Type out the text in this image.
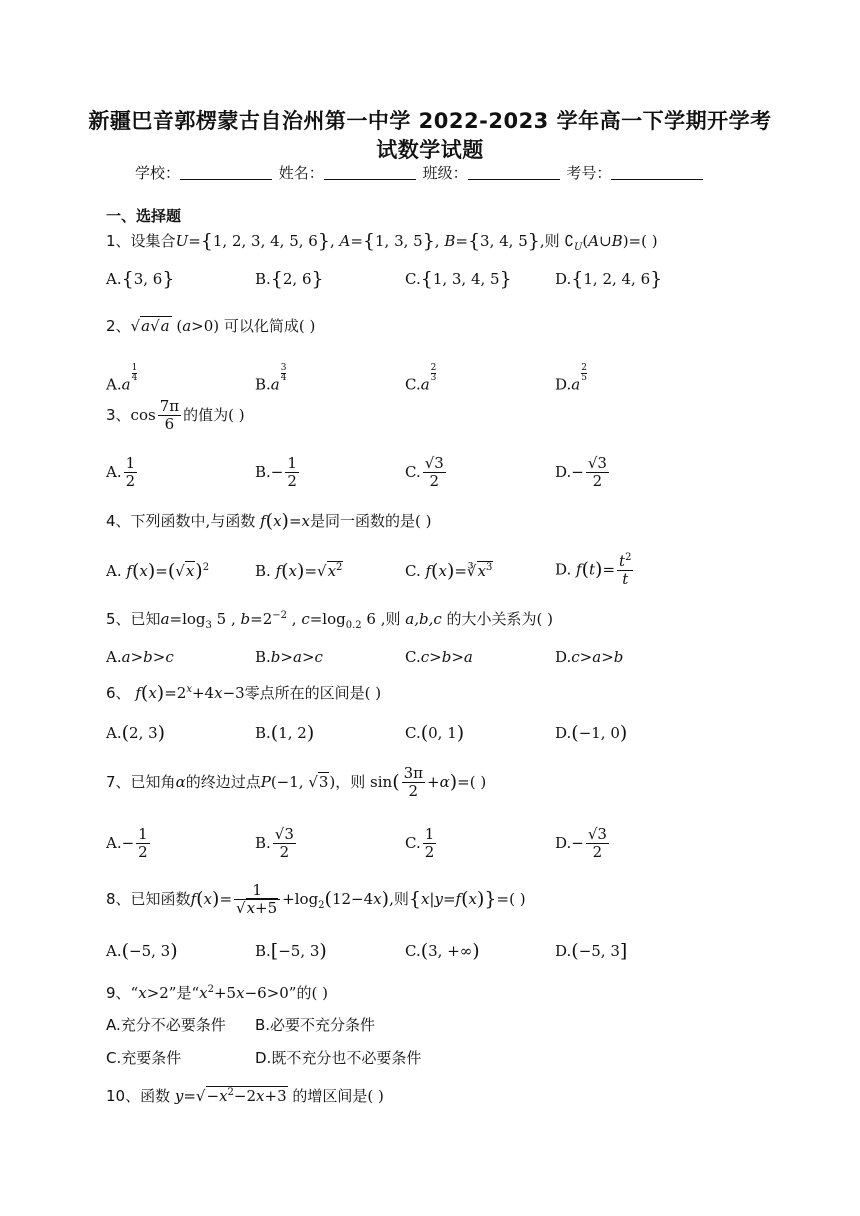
新疆巴音郭楞蒙古自治州第一中学 2022-2023 学年高一下学期开学考
试数学试题
学校：	姓名：	班级：	考号：
一、选择题
1、设集合U={1, 2, 3, 4, 5, 6}, A={1, 3, 5}, B={3, 4, 5},则 $∁_U(A\cup B)=$( )
A.{3, 6}	B.{2, 6}	C.{1, 3, 4, 5}	D.{1, 2, 4, 6}
2、√a√a (a>0) 可以化简成( )
A.a
$\frac{1}{4}$
B.a
$\frac{3}{4}$
C.a
$\frac{2}{3}$
D.a
$\frac{2}{5}$
3、$\cos \frac{7\pi}{6}$ 的值为( )
A. $\frac{1}{2}$	$B.- \frac{1}{2}$	C. $\frac{√3}{2}$	$D.- \frac{√3}{2}$
4、下列函数中,与函数 f(x)=x是同一函数的是( )
A. $f(x)=(√x)^2$	B. $f(x)=√x^2$	C. $f(x)=∛x^3$	D. $f(t)= \frac{t^2}{t}$
5、已知$a=\log_3$ 5 , $b=2^{-2}$ , $c=\log_{0.2}$ 6 ,则 a,b,c 的大小关系为( )
A.a>b>c	B.b>a>c	C.c>b>a	D.c>a>b
6、 $f(x)=2^x+4x-3$零点所在的区间是( )
A.(2, 3)	B.(1, 2)	C.(0, 1)	D.(−1, 0)
7、已知角α的终边过点P(−1, √3)，则 $\sin( \frac{3\pi}{2} +\alpha)=$( )
$A.- \frac{1}{2}$	B. $\frac{√3}{2}$	C. $\frac{1}{2}$	$D.- \frac{√3}{2}$
8、已知函数$f(x)= \frac{1}{√x+5} +\log_2(12-4x)$,则{x|y=f(x)}=( )
A.(−5, 3)	B.[−5, 3)	C.(3, +∞)	D.(−5, 3]
9、“x>2”是“$x^2+5x-6>0$”的( )
A.充分不必要条件 B.必要不充分条件
C.充要条件	D.既不充分也不必要条件
10、函数 $y=√-x^2-2x+3$ 的增区间是( )
